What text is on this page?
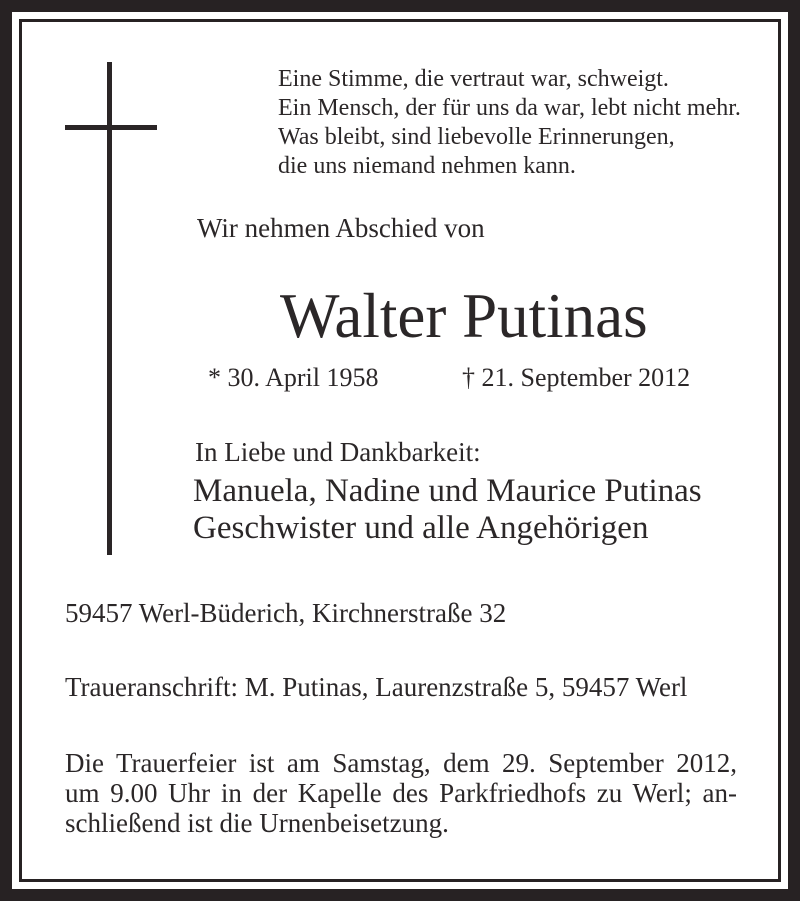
Eine Stimme, die vertraut war, schweigt.
Ein Mensch, der für uns da war, lebt nicht mehr.
Was bleibt, sind liebevolle Erinnerungen,
die uns niemand nehmen kann.
Wir nehmen Abschied von
Walter Putinas
* 30. April 1958	† 21. September 2012
In Liebe und Dankbarkeit:
Manuela, Nadine und Maurice Putinas
Geschwister und alle Angehörigen
59457 Werl-Büderich, Kirchnerstraße 32
Traueranschrift: M. Putinas, Laurenzstraße 5, 59457 Werl
Die Trauerfeier ist am Samstag, dem 29. September 2012,
um 9.00 Uhr in der Kapelle des Parkfriedhofs zu Werl; an-
schließend ist die Urnenbeisetzung.
